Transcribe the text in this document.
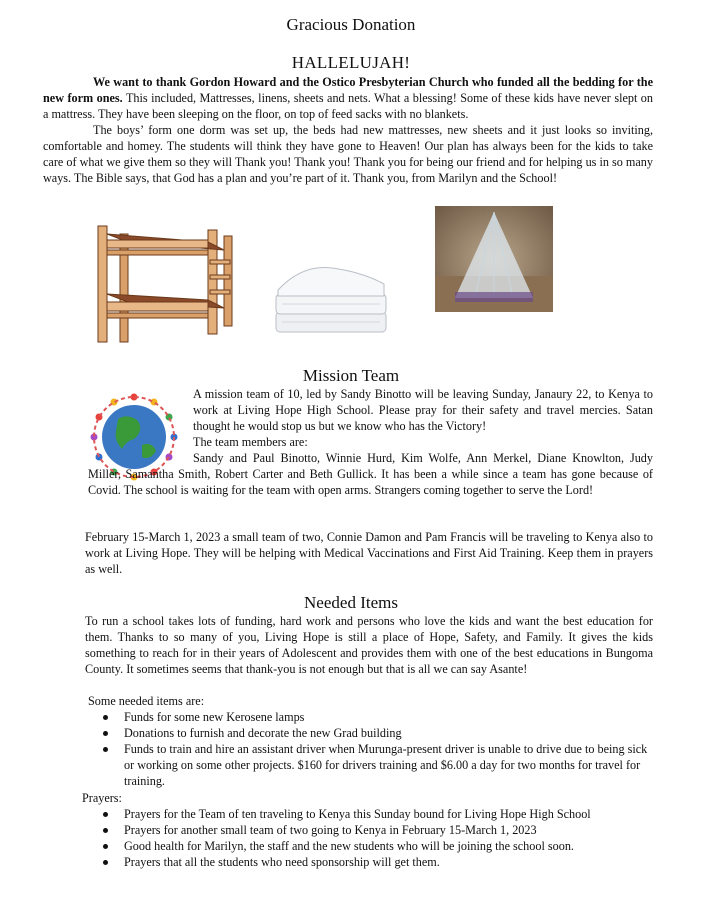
Gracious Donation
HALLELUJAH!

We want to thank Gordon Howard and the Ostico Presbyterian Church who funded all the bedding for the new form ones. This included, Mattresses, linens, sheets and nets. What a blessing! Some of these kids have never slept on a mattress. They have been sleeping on the floor, on top of feed sacks with no blankets.

The boys’ form one dorm was set up, the beds had new mattresses, new sheets and it just looks so inviting, comfortable and homey. The students will think they have gone to Heaven! Our plan has always been for the kids to take care of what we give them so they will Thank you! Thank you! Thank you for being our friend and for helping us in so many ways. The Bible says, that God has a plan and you’re part of it. Thank you, from Marilyn and the School!

Mission Team

A mission team of 10, led by Sandy Binotto will be leaving Sunday, Janaury 22, to Kenya to work at Living Hope High School. Please pray for their safety and travel mercies. Satan thought he would stop us but we know who has the Victory!

The team members are:

Sandy and Paul Binotto, Winnie Hurd, Kim Wolfe, Ann Merkel, Diane Knowlton, Judy Miller, Samantha Smith, Robert Carter and Beth Gullick. It has been a while since a team has gone because of Covid. The school is waiting for the team with open arms. Strangers coming together to serve the Lord!

February 15-March 1, 2023 a small team of two, Connie Damon and Pam Francis will be traveling to Kenya also to work at Living Hope. They will be helping with Medical Vaccinations and First Aid Training. Keep them in prayers as well.

Needed Items

To run a school takes lots of funding, hard work and persons who love the kids and want the best education for them. Thanks to so many of you, Living Hope is still a place of Hope, Safety, and Family. It gives the kids something to reach for in their years of Adolescent and provides them with one of the best educations in Bungoma County. It sometimes seems that thank-you is not enough but that is all we can say Asante!

Some needed items are:
Funds for some new Kerosene lamps
Donations to furnish and decorate the new Grad building
Funds to train and hire an assistant driver when Murunga-present driver is unable to drive due to being sick or working on some other projects. $160 for drivers training and $6.00 a day for two months for travel for training.
Prayers:
Prayers for the Team of ten traveling to Kenya this Sunday bound for Living Hope High School
Prayers for another small team of two going to Kenya in February 15-March 1, 2023
Good health for Marilyn, the staff and the new students who will be joining the school soon.
Prayers that all the students who need sponsorship will get them.
